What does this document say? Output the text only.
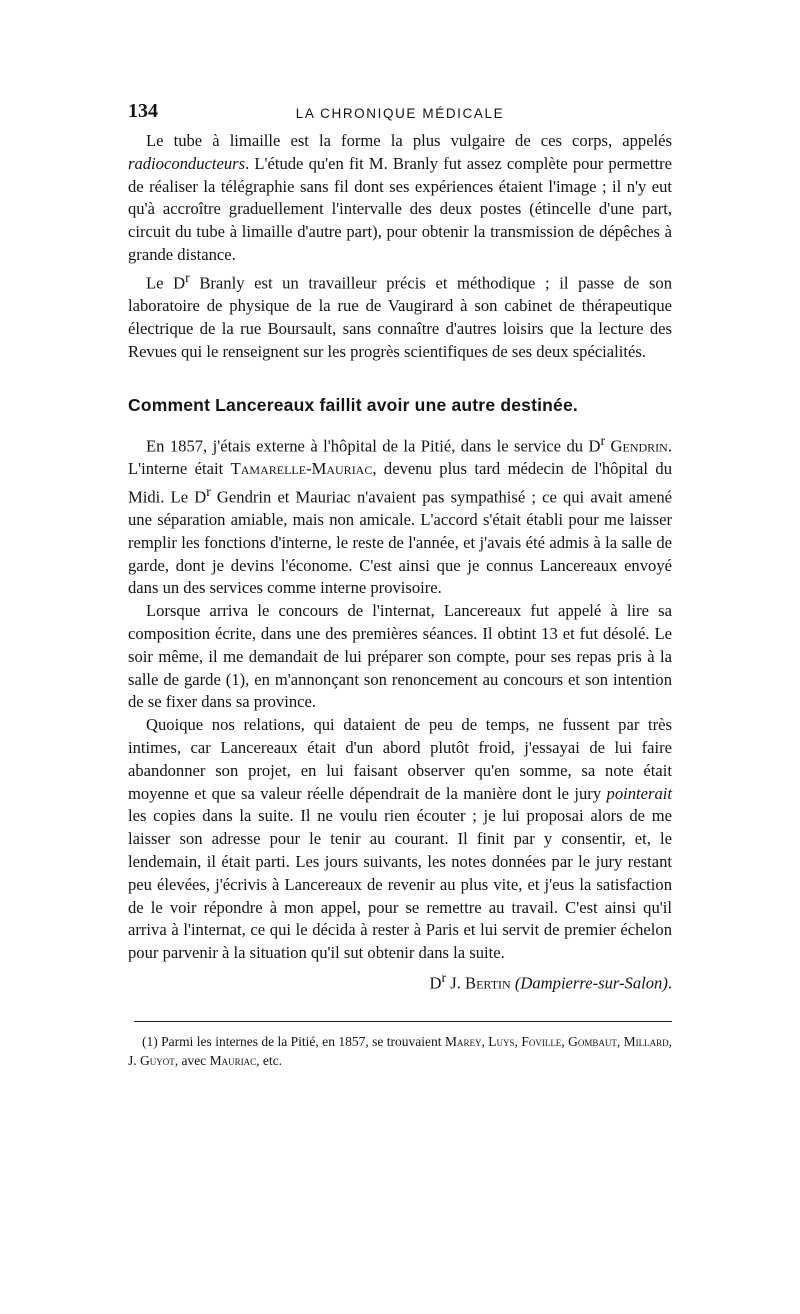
134	LA CHRONIQUE MÉDICALE

Le tube à limaille est la forme la plus vulgaire de ces corps, appelés radioconducteurs. L'étude qu'en fit M. Branly fut assez complète pour permettre de réaliser la télégraphie sans fil dont ses expériences étaient l'image ; il n'y eut qu'à accroître graduellement l'intervalle des deux postes (étincelle d'une part, circuit du tube à limaille d'autre part), pour obtenir la transmission de dépêches à grande distance.

Le $D^r$ Branly est un travailleur précis et méthodique ; il passe de son laboratoire de physique de la rue de Vaugirard à son cabinet de thérapeutique électrique de la rue Boursault, sans connaître d'autres loisirs que la lecture des Revues qui le renseignent sur les progrès scientifiques de ses deux spécialités.

Comment Lancereaux faillit avoir une autre destinée.

En 1857, j'étais externe à l'hôpital de la Pitié, dans le service du $D^r$ Gendrin. L'interne était Tamarelle-Mauriac, devenu plus tard médecin de l'hôpital du Midi. Le $D^r$ Gendrin et Mauriac n'avaient pas sympathisé ; ce qui avait amené une séparation amiable, mais non amicale. L'accord s'était établi pour me laisser remplir les fonctions d'interne, le reste de l'année, et j'avais été admis à la salle de garde, dont je devins l'économe. C'est ainsi que je connus Lancereaux envoyé dans un des services comme interne provisoire.

Lorsque arriva le concours de l'internat, Lancereaux fut appelé à lire sa composition écrite, dans une des premières séances. Il obtint 13 et fut désolé. Le soir même, il me demandait de lui préparer son compte, pour ses repas pris à la salle de garde (1), en m'annonçant son renoncement au concours et son intention de se fixer dans sa province.

Quoique nos relations, qui dataient de peu de temps, ne fussent par très intimes, car Lancereaux était d'un abord plutôt froid, j'essayai de lui faire abandonner son projet, en lui faisant observer qu'en somme, sa note était moyenne et que sa valeur réelle dépendrait de la manière dont le jury pointerait les copies dans la suite. Il ne voulu rien écouter ; je lui proposai alors de me laisser son adresse pour le tenir au courant. Il finit par y consentir, et, le lendemain, il était parti. Les jours suivants, les notes données par le jury restant peu élevées, j'écrivis à Lancereaux de revenir au plus vite, et j'eus la satisfaction de le voir répondre à mon appel, pour se remettre au travail. C'est ainsi qu'il arriva à l'internat, ce qui le décida à rester à Paris et lui servit de premier échelon pour parvenir à la situation qu'il sut obtenir dans la suite.

$D^r$ J. Bertin (Dampierre-sur-Salon).

(1) Parmi les internes de la Pitié, en 1857, se trouvaient Marey, Luys, Foville, Gombaut, Millard, J. Guyot, avec Mauriac, etc.
